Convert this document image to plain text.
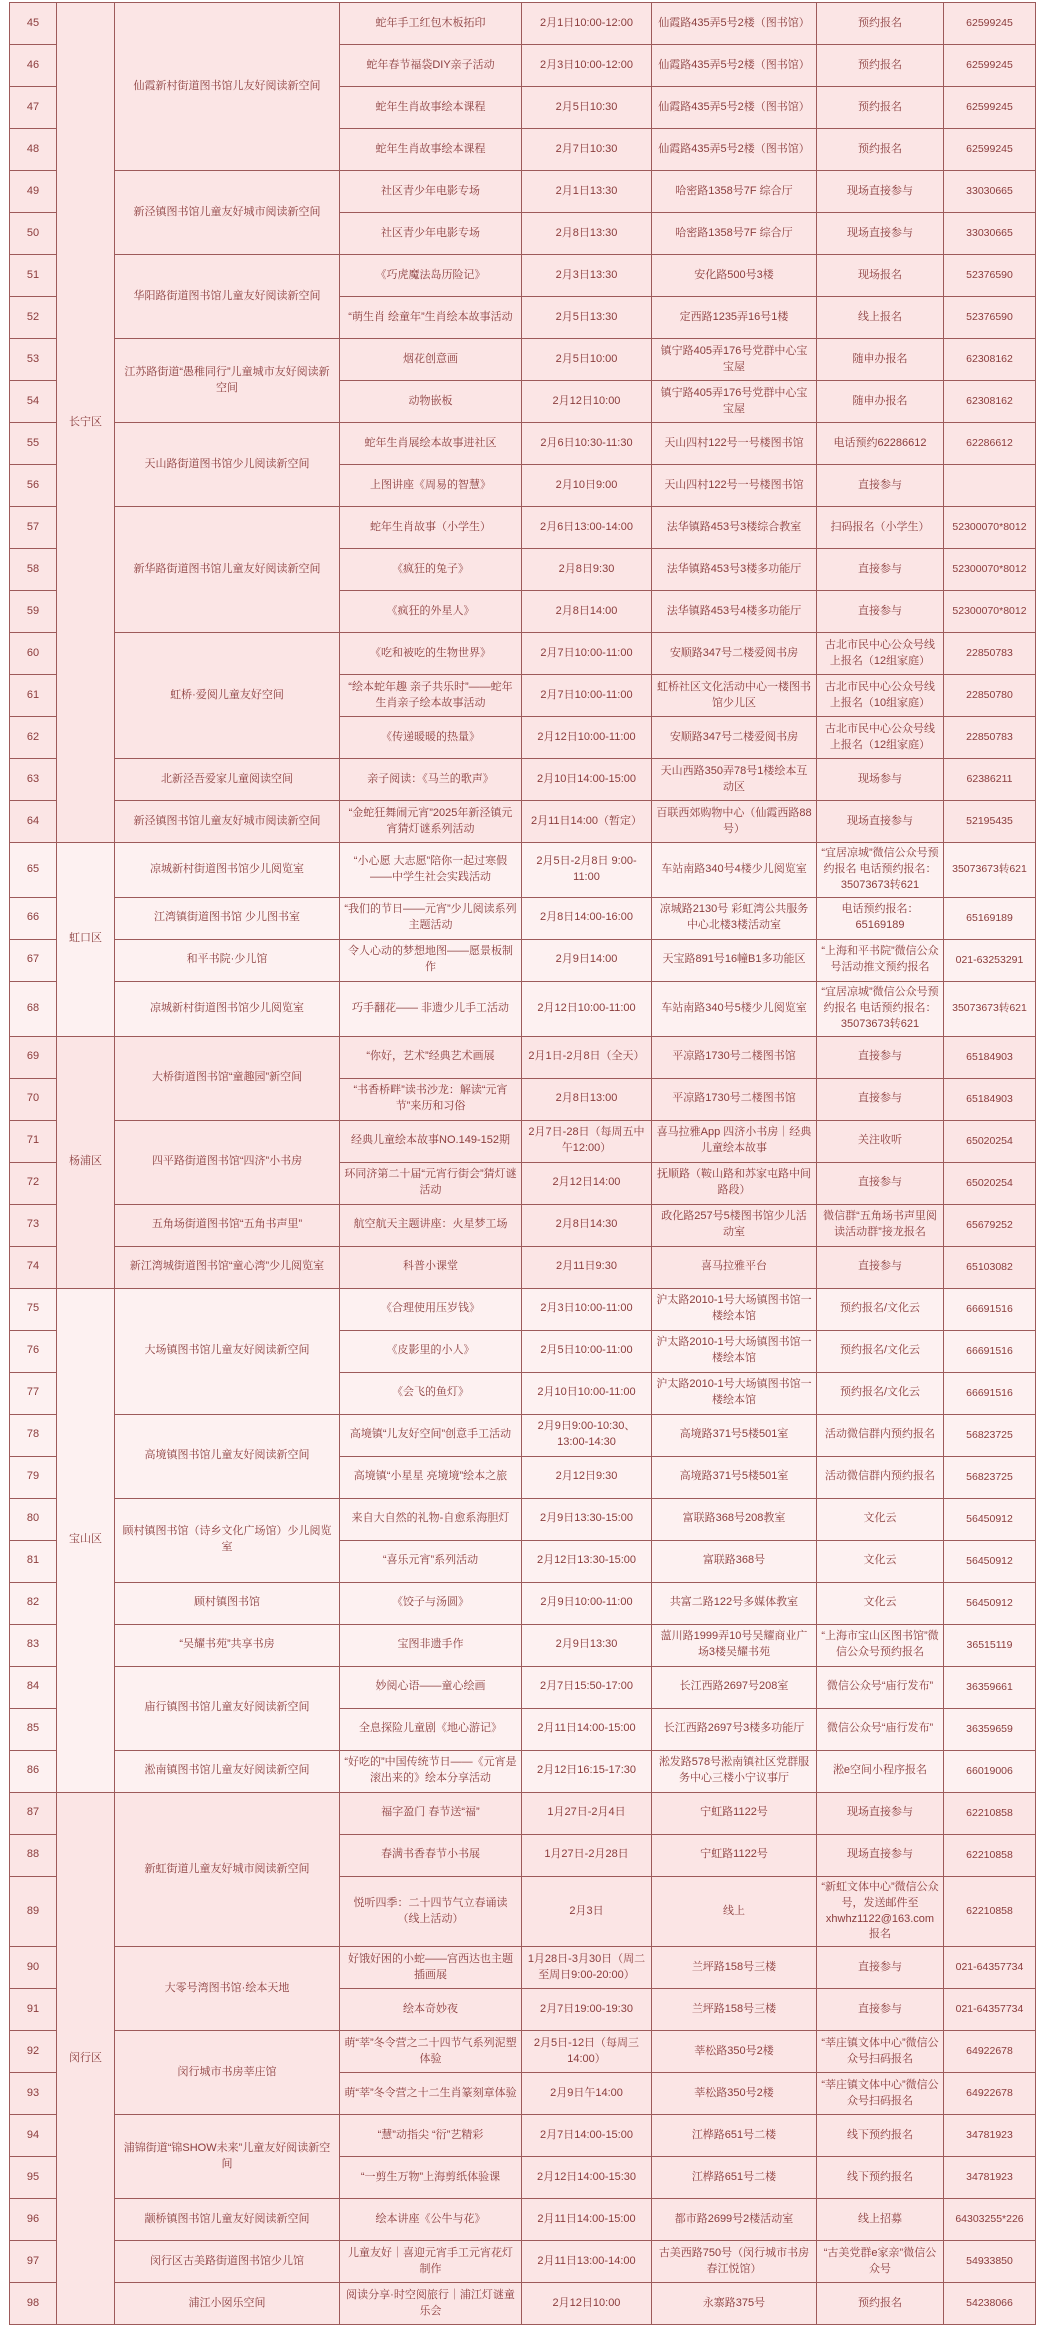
45	长宁区	仙霞新村街道图书馆儿友好阅读新空间	蛇年手工红包木板拓印	2月1日10:00-12:00	仙霞路435弄5号2楼（图书馆）	预约报名	62599245
46			蛇年春节福袋DIY亲子活动	2月3日10:00-12:00	仙霞路435弄5号2楼（图书馆）	预约报名	62599245
47			蛇年生肖故事绘本课程	2月5日10:30	仙霞路435弄5号2楼（图书馆）	预约报名	62599245
48			蛇年生肖故事绘本课程	2月7日10:30	仙霞路435弄5号2楼（图书馆）	预约报名	62599245
49		新泾镇图书馆儿童友好城市阅读新空间	社区青少年电影专场	2月1日13:30	哈密路1358号7F 综合厅	现场直接参与	33030665
50			社区青少年电影专场	2月8日13:30	哈密路1358号7F 综合厅	现场直接参与	33030665
51		华阳路街道图书馆儿童友好阅读新空间	《巧虎魔法岛历险记》	2月3日13:30	安化路500号3楼	现场报名	52376590
52			“萌生肖 绘童年”生肖绘本故事活动	2月5日13:30	定西路1235弄16号1楼	线上报名	52376590
53		江苏路街道“愚稚同行”儿童城市友好阅读新空间	烟花创意画	2月5日10:00	镇宁路405弄176号党群中心宝宝屋	随申办报名	62308162
54			动物嵌板	2月12日10:00	镇宁路405弄176号党群中心宝宝屋	随申办报名	62308162
55		天山路街道图书馆少儿阅读新空间	蛇年生肖展绘本故事进社区	2月6日10:30-11:30	天山四村122号一号楼图书馆	电话预约62286612	62286612
56			上图讲座《周易的智慧》	2月10日9:00	天山四村122号一号楼图书馆	直接参与	
57		新华路街道图书馆儿童友好阅读新空间	蛇年生肖故事（小学生）	2月6日13:00-14:00	法华镇路453号3楼综合教室	扫码报名（小学生）	52300070*8012
58			《疯狂的兔子》	2月8日9:30	法华镇路453号3楼多功能厅	直接参与	52300070*8012
59			《疯狂的外星人》	2月8日14:00	法华镇路453号4楼多功能厅	直接参与	52300070*8012
60		虹桥·爱阅儿童友好空间	《吃和被吃的生物世界》	2月7日10:00-11:00	安顺路347号二楼爱阅书房	古北市民中心公众号线上报名（12组家庭）	22850783
61			“绘本蛇年趣 亲子共乐时”——蛇年生肖亲子绘本故事活动	2月7日10:00-11:00	虹桥社区文化活动中心一楼图书馆少儿区	古北市民中心公众号线上报名（10组家庭）	22850780
62			《传递暖暖的热量》	2月12日10:00-11:00	安顺路347号二楼爱阅书房	古北市民中心公众号线上报名（12组家庭）	22850783
63		北新泾吾爱家儿童阅读空间	亲子阅读：《马兰的歌声》	2月10日14:00-15:00	天山西路350弄78号1楼绘本互动区	现场参与	62386211
64		新泾镇图书馆儿童友好城市阅读新空间	“金蛇狂舞闹元宵”2025年新泾镇元宵猜灯谜系列活动	2月11日14:00（暂定）	百联西郊购物中心（仙霞西路88号）	现场直接参与	52195435
65	虹口区	凉城新村街道图书馆少儿阅览室	“小心愿 大志愿”陪你一起过寒假 ——中学生社会实践活动	2月5日-2月8日 9:00-11:00	车站南路340号4楼少儿阅览室	“宜居凉城”微信公众号预约报名 电话预约报名：35073673转621	35073673转621
66		江湾镇街道图书馆 少儿图书室	“我们的节日——元宵”少儿阅读系列主题活动	2月8日14:00-16:00	凉城路2130号 彩虹湾公共服务中心北楼3楼活动室	电话预约报名：65169189	65169189
67		和平书院·少儿馆	令人心动的梦想地图——愿景板制作	2月9日14:00	天宝路891号16幢B1多功能区	“上海和平书院”微信公众号活动推文预约报名	021-63253291
68		凉城新村街道图书馆少儿阅览室	巧手翻花—— 非遗少儿手工活动	2月12日10:00-11:00	车站南路340号5楼少儿阅览室	“宜居凉城”微信公众号预约报名 电话预约报名：35073673转621	35073673转621
69	杨浦区	大桥街道图书馆“童趣园”新空间	“你好，艺术”经典艺术画展	2月1日-2月8日（全天）	平凉路1730号二楼图书馆	直接参与	65184903
70			“书香桥畔”读书沙龙：解读“元宵节”来历和习俗	2月8日13:00	平凉路1730号二楼图书馆	直接参与	65184903
71		四平路街道图书馆“四济”小书房	经典儿童绘本故事NO.149-152期	2月7日-28日（每周五中午12:00）	喜马拉雅App 四济小书房｜经典儿童绘本故事	关注收听	65020254
72			环同济第二十届“元宵行街会”猜灯谜活动	2月12日14:00	抚顺路（鞍山路和苏家屯路中间路段）	直接参与	65020254
73		五角场街道图书馆“五角书声里”	航空航天主题讲座：火星梦工场	2月8日14:30	政化路257号5楼图书馆少儿活动室	微信群“五角场书声里阅读活动群”接龙报名	65679252
74		新江湾城街道图书馆“童心湾”少儿阅览室	科普小课堂	2月11日9:30	喜马拉雅平台	直接参与	65103082
75	宝山区	大场镇图书馆儿童友好阅读新空间	《合理使用压岁钱》	2月3日10:00-11:00	沪太路2010-1号大场镇图书馆一楼绘本馆	预约报名/文化云	66691516
76			《皮影里的小人》	2月5日10:00-11:00	沪太路2010-1号大场镇图书馆一楼绘本馆	预约报名/文化云	66691516
77			《会飞的鱼灯》	2月10日10:00-11:00	沪太路2010-1号大场镇图书馆一楼绘本馆	预约报名/文化云	66691516
78		高境镇图书馆儿童友好阅读新空间	高境镇“儿友好空间”创意手工活动	2月9日9:00-10:30、13:00-14:30	高境路371号5楼501室	活动微信群内预约报名	56823725
79			高境镇“小星星 亮境境”绘本之旅	2月12日9:30	高境路371号5楼501室	活动微信群内预约报名	56823725
80		顾村镇图书馆（诗乡文化广场馆）少儿阅览室	来自大自然的礼物-自愈系海胆灯	2月9日13:30-15:00	富联路368号208教室	文化云	56450912
81			“喜乐元宵”系列活动	2月12日13:30-15:00	富联路368号	文化云	56450912
82		顾村镇图书馆	《饺子与汤圆》	2月9日10:00-11:00	共富二路122号多媒体教室	文化云	56450912
83		“吴耀书苑”共享书房	宝图非遗手作	2月9日13:30	蕰川路1999弄10号吴耀商业广场3楼吴耀书苑	“上海市宝山区图书馆”微信公众号预约报名	36515119
84		庙行镇图书馆儿童友好阅读新空间	妙阅心语——童心绘画	2月7日15:50-17:00	长江西路2697号208室	微信公众号“庙行发布”	36359661
85			全息探险儿童剧《地心游记》	2月11日14:00-15:00	长江西路2697号3楼多功能厅	微信公众号“庙行发布”	36359659
86		淞南镇图书馆儿童友好阅读新空间	“好吃的”中国传统节日——《元宵是滚出来的》绘本分享活动	2月12日16:15-17:30	淞发路578号淞南镇社区党群服务中心三楼小宁议事厅	淞e空间小程序报名	66019006
87	闵行区	新虹街道儿童友好城市阅读新空间	福字盈门 春节送“福”	1月27日-2月4日	宁虹路1122号	现场直接参与	62210858
88			春满书香春节小书展	1月27日-2月28日	宁虹路1122号	现场直接参与	62210858
89			悦听四季：二十四节气立春诵读（线上活动）	2月3日	线上	“新虹文体中心”微信公众号，发送邮件至xhwhz1122@163.com报名	62210858
90		大零号湾图书馆·绘本天地	好饿好困的小蛇——宫西达也主题插画展	1月28日-3月30日（周二至周日9:00-20:00）	兰坪路158号三楼	直接参与	021-64357734
91			绘本奇妙夜	2月7日19:00-19:30	兰坪路158号三楼	直接参与	021-64357734
92		闵行城市书房莘庄馆	萌“莘”冬令营之二十四节气系列泥塑体验	2月5日-12日（每周三14:00）	莘松路350号2楼	“莘庄镇文体中心”微信公众号扫码报名	64922678
93			萌“莘”冬令营之十二生肖篆刻章体验	2月9日午14:00	莘松路350号2楼	“莘庄镇文体中心”微信公众号扫码报名	64922678
94		浦锦街道“锦SHOW未来”儿童友好阅读新空间	“慧”动指尖 “衍”艺精彩	2月7日14:00-15:00	江桦路651号二楼	线下预约报名	34781923
95			“一剪生万物”上海剪纸体验课	2月12日14:00-15:30	江桦路651号二楼	线下预约报名	34781923
96		颛桥镇图书馆儿童友好阅读新空间	绘本讲座《公牛与花》	2月11日14:00-15:00	都市路2699号2楼活动室	线上招募	64303255*226
97		闵行区古美路街道图书馆少儿馆	儿童友好｜喜迎元宵手工元宵花灯制作	2月11日13:00-14:00	古美西路750号（闵行城市书房春江悦馆）	“古美党群e家亲”微信公众号	54933850
98		浦江小囡乐空间	阅读分享·时空阅旅行｜浦江灯谜童乐会	2月12日10:00	永寨路375号	预约报名	54238066
